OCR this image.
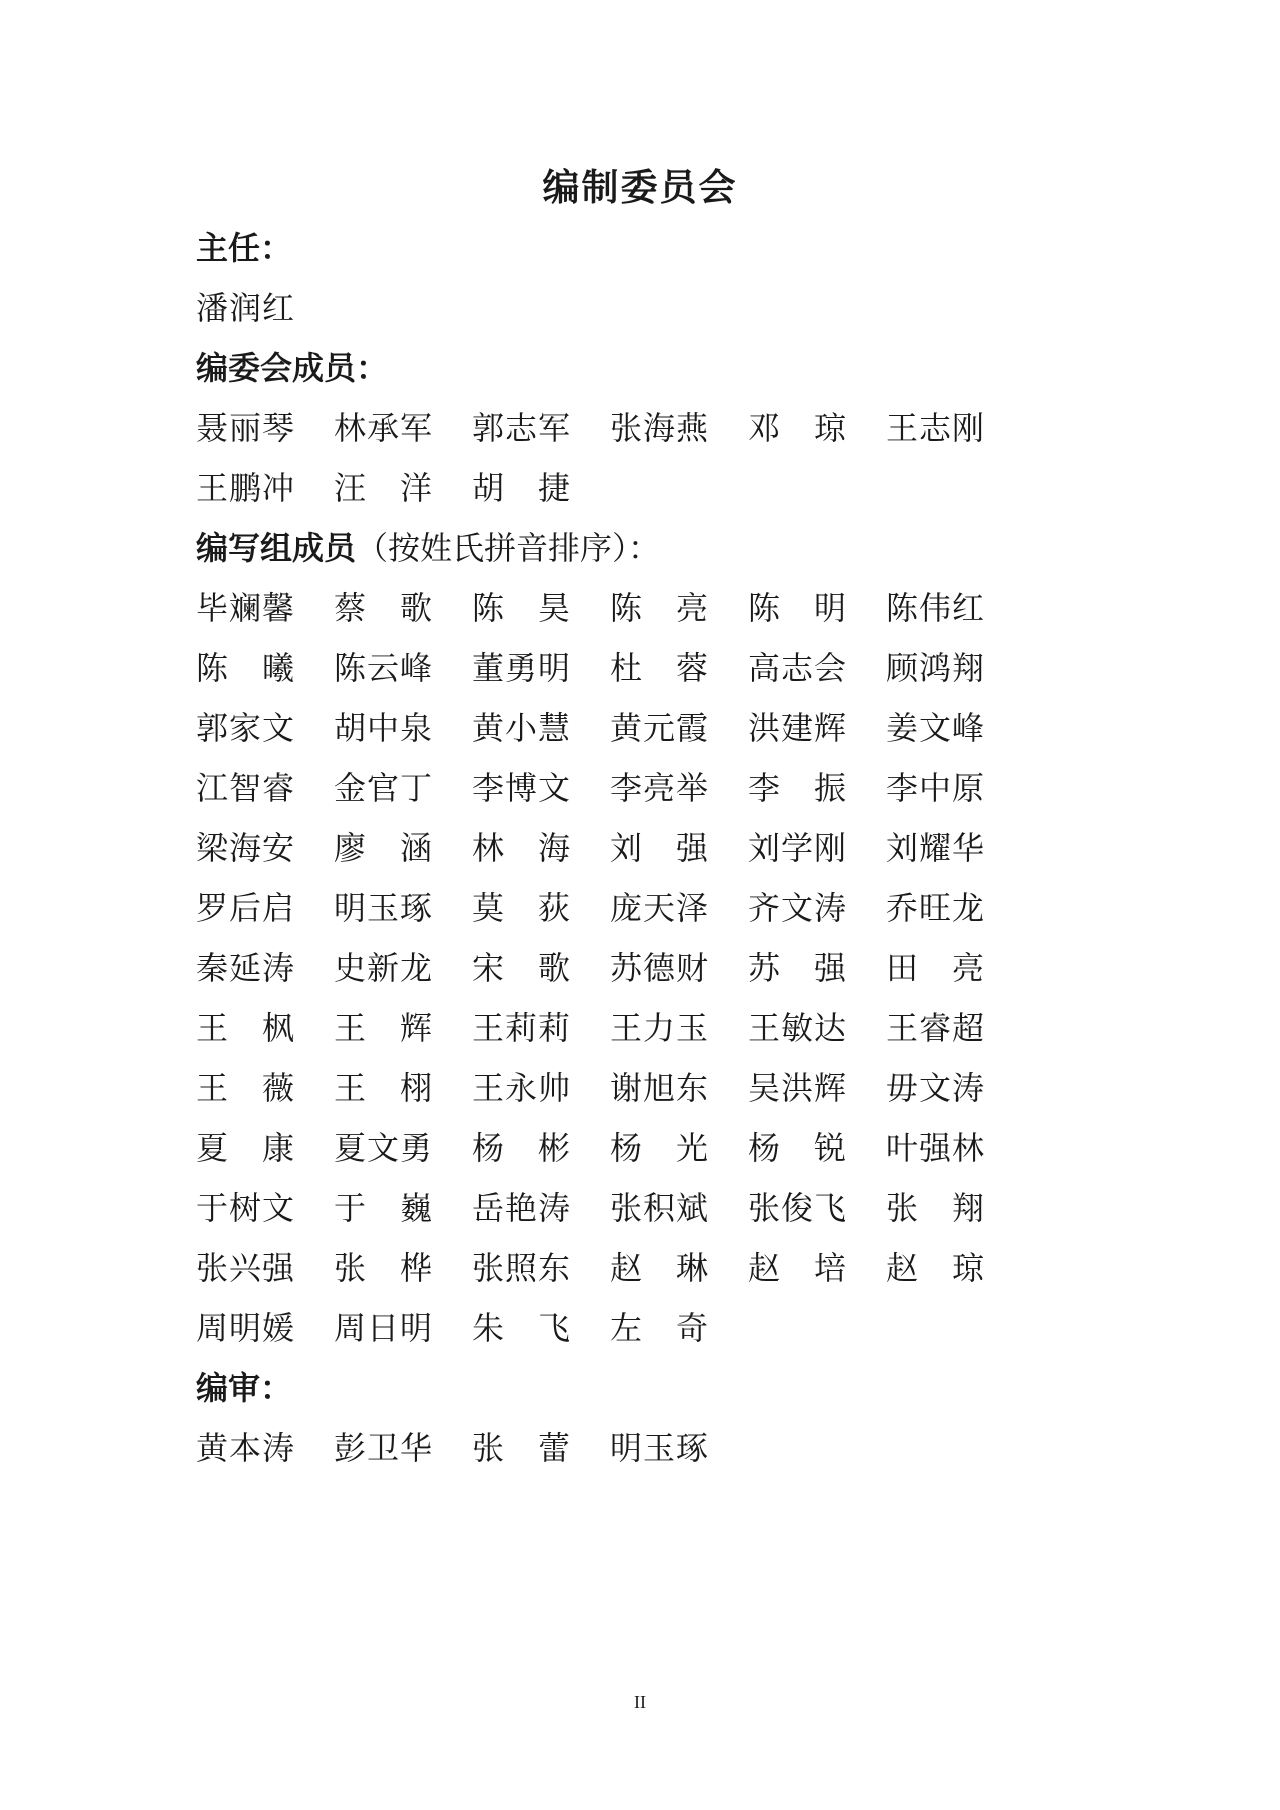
编制委员会
主任：
潘 润 红
编委会成员：
聂 丽 琴 林 承 军 郭 志 军 张 海 燕 邓 琼 王 志 刚
王 鹏 冲 汪 洋 胡 捷
编写组成员（按姓氏拼音排序）：
毕 斓 馨 蔡 歌 陈 昊 陈 亮 陈 明 陈 伟 红
陈 曦 陈 云 峰 董 勇 明 杜 蓉 高 志 会 顾 鸿 翔
郭 家 文 胡 中 泉 黄 小 慧 黄 元 霞 洪 建 辉 姜 文 峰
江 智 睿 金 官 丁 李 博 文 李 亮 举 李 振 李 中 原
梁 海 安 廖 涵 林 海 刘 强 刘 学 刚 刘 耀 华
罗 后 启 明 玉 琢 莫 荻 庞 天 泽 齐 文 涛 乔 旺 龙
秦 延 涛 史 新 龙 宋 歌 苏 德 财 苏 强 田 亮
王 枫 王 辉 王 莉 莉 王 力 玉 王 敏 达 王 睿 超
王 薇 王 栩 王 永 帅 谢 旭 东 吴 洪 辉 毋 文 涛
夏 康 夏 文 勇 杨 彬 杨 光 杨 锐 叶 强 林
于 树 文 于 巍 岳 艳 涛 张 积 斌 张 俊 飞 张 翔
张 兴 强 张 桦 张 照 东 赵 琳 赵 培 赵 琼
周 明 媛 周 日 明 朱 飞 左 奇
编审：
黄 本 涛 彭 卫 华 张 蕾 明 玉 琢
II
